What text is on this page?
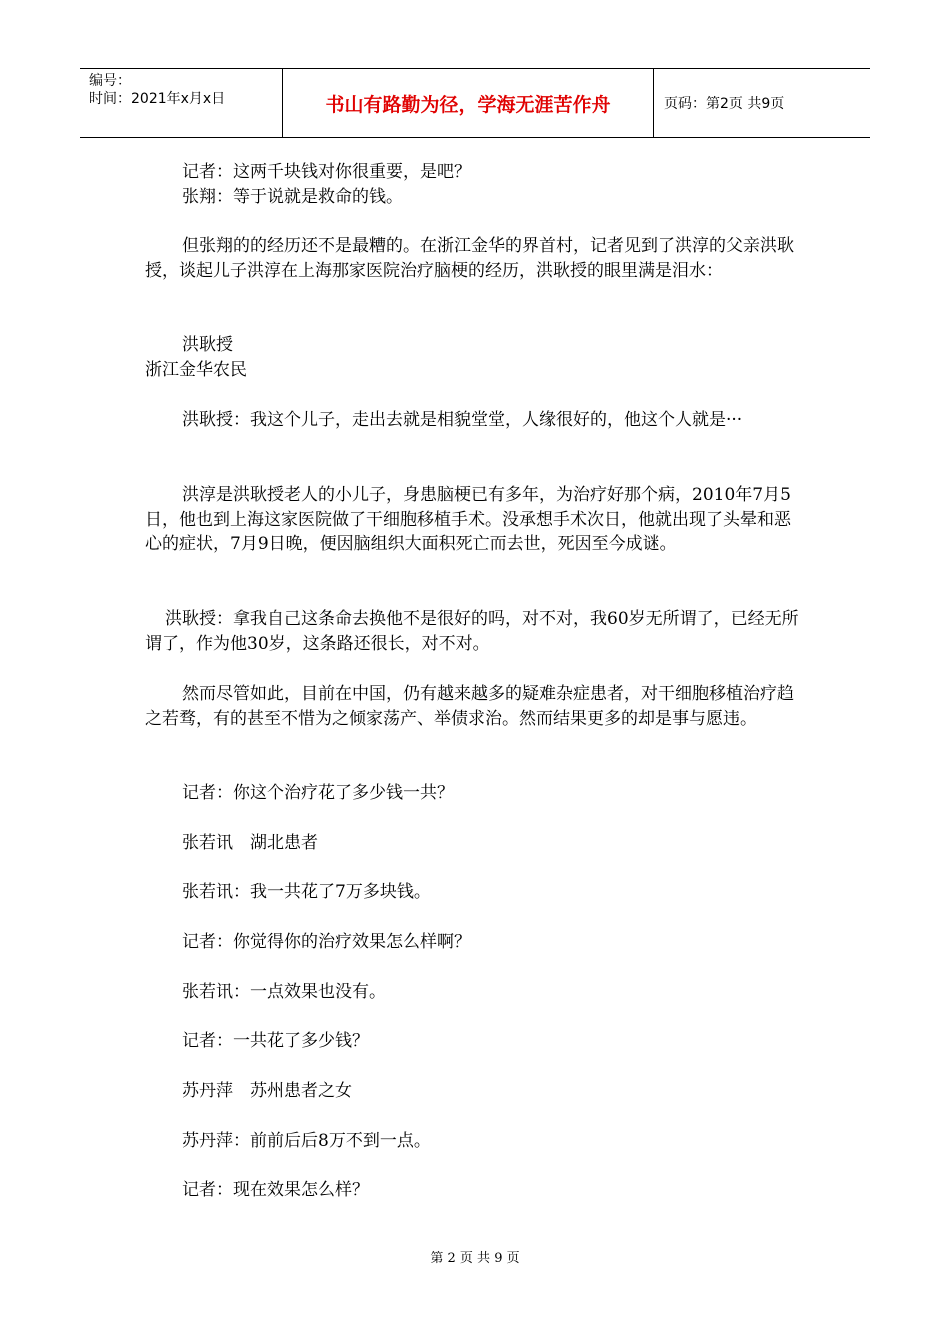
编号：
时间：2021年x月x日	书山有路勤为径，学海无涯苦作舟	页码：第2页 共9页

记者：这两千块钱对你很重要，是吧？

张翔：等于说就是救命的钱。

但张翔的的经历还不是最糟的。在浙江金华的界首村，记者见到了洪淳的父亲洪耿授，谈起儿子洪淳在上海那家医院治疗脑梗的经历，洪耿授的眼里满是泪水：

洪耿授

浙江金华农民

洪耿授：我这个儿子，走出去就是相貌堂堂，人缘很好的，他这个人就是···

洪淳是洪耿授老人的小儿子，身患脑梗已有多年，为治疗好那个病，2010年7月5日，他也到上海这家医院做了干细胞移植手术。没承想手术次日，他就出现了头晕和恶心的症状，7月9日晚，便因脑组织大面积死亡而去世，死因至今成谜。

洪耿授：拿我自己这条命去换他不是很好的吗，对不对，我60岁无所谓了，已经无所谓了，作为他30岁，这条路还很长，对不对。

然而尽管如此，目前在中国，仍有越来越多的疑难杂症患者，对干细胞移植治疗趋之若骛，有的甚至不惜为之倾家荡产、举债求治。然而结果更多的却是事与愿违。

记者：你这个治疗花了多少钱一共？

张若讯　湖北患者

张若讯：我一共花了7万多块钱。

记者：你觉得你的治疗效果怎么样啊？

张若讯：一点效果也没有。

记者：一共花了多少钱？

苏丹萍　苏州患者之女

苏丹萍：前前后后8万不到一点。

记者：现在效果怎么样？

第 2 页 共 9 页
